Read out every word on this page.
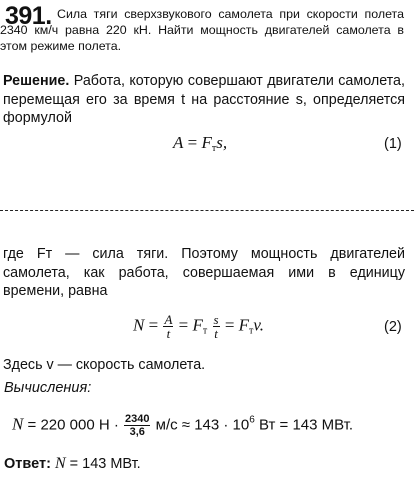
391. Сила тяги сверхзвукового самолета при скорости полета 2340 км/ч равна 220 кН. Найти мощность двигателей самолета в этом режиме полета.
Решение. Работа, которую совершают двигатели самолета, перемещая его за время t на расстояние s, определяется формулой
$A = F_тs$,	(1)
где Fт — сила тяги. Поэтому мощность двигателей самолета, как работа, совершаемая ими в единицу времени, равна
$N = \frac{A}{t} = F_т \frac{s}{t} = F_тv$.	(2)
Здесь v — скорость самолета.
Вычисления:
N = 220 000 $Н \cdot \frac{2340}{3,6} м/с \approx 143 \cdot 10^6$ Вт = 143 МВт.
Ответ: N = 143 МВт.
